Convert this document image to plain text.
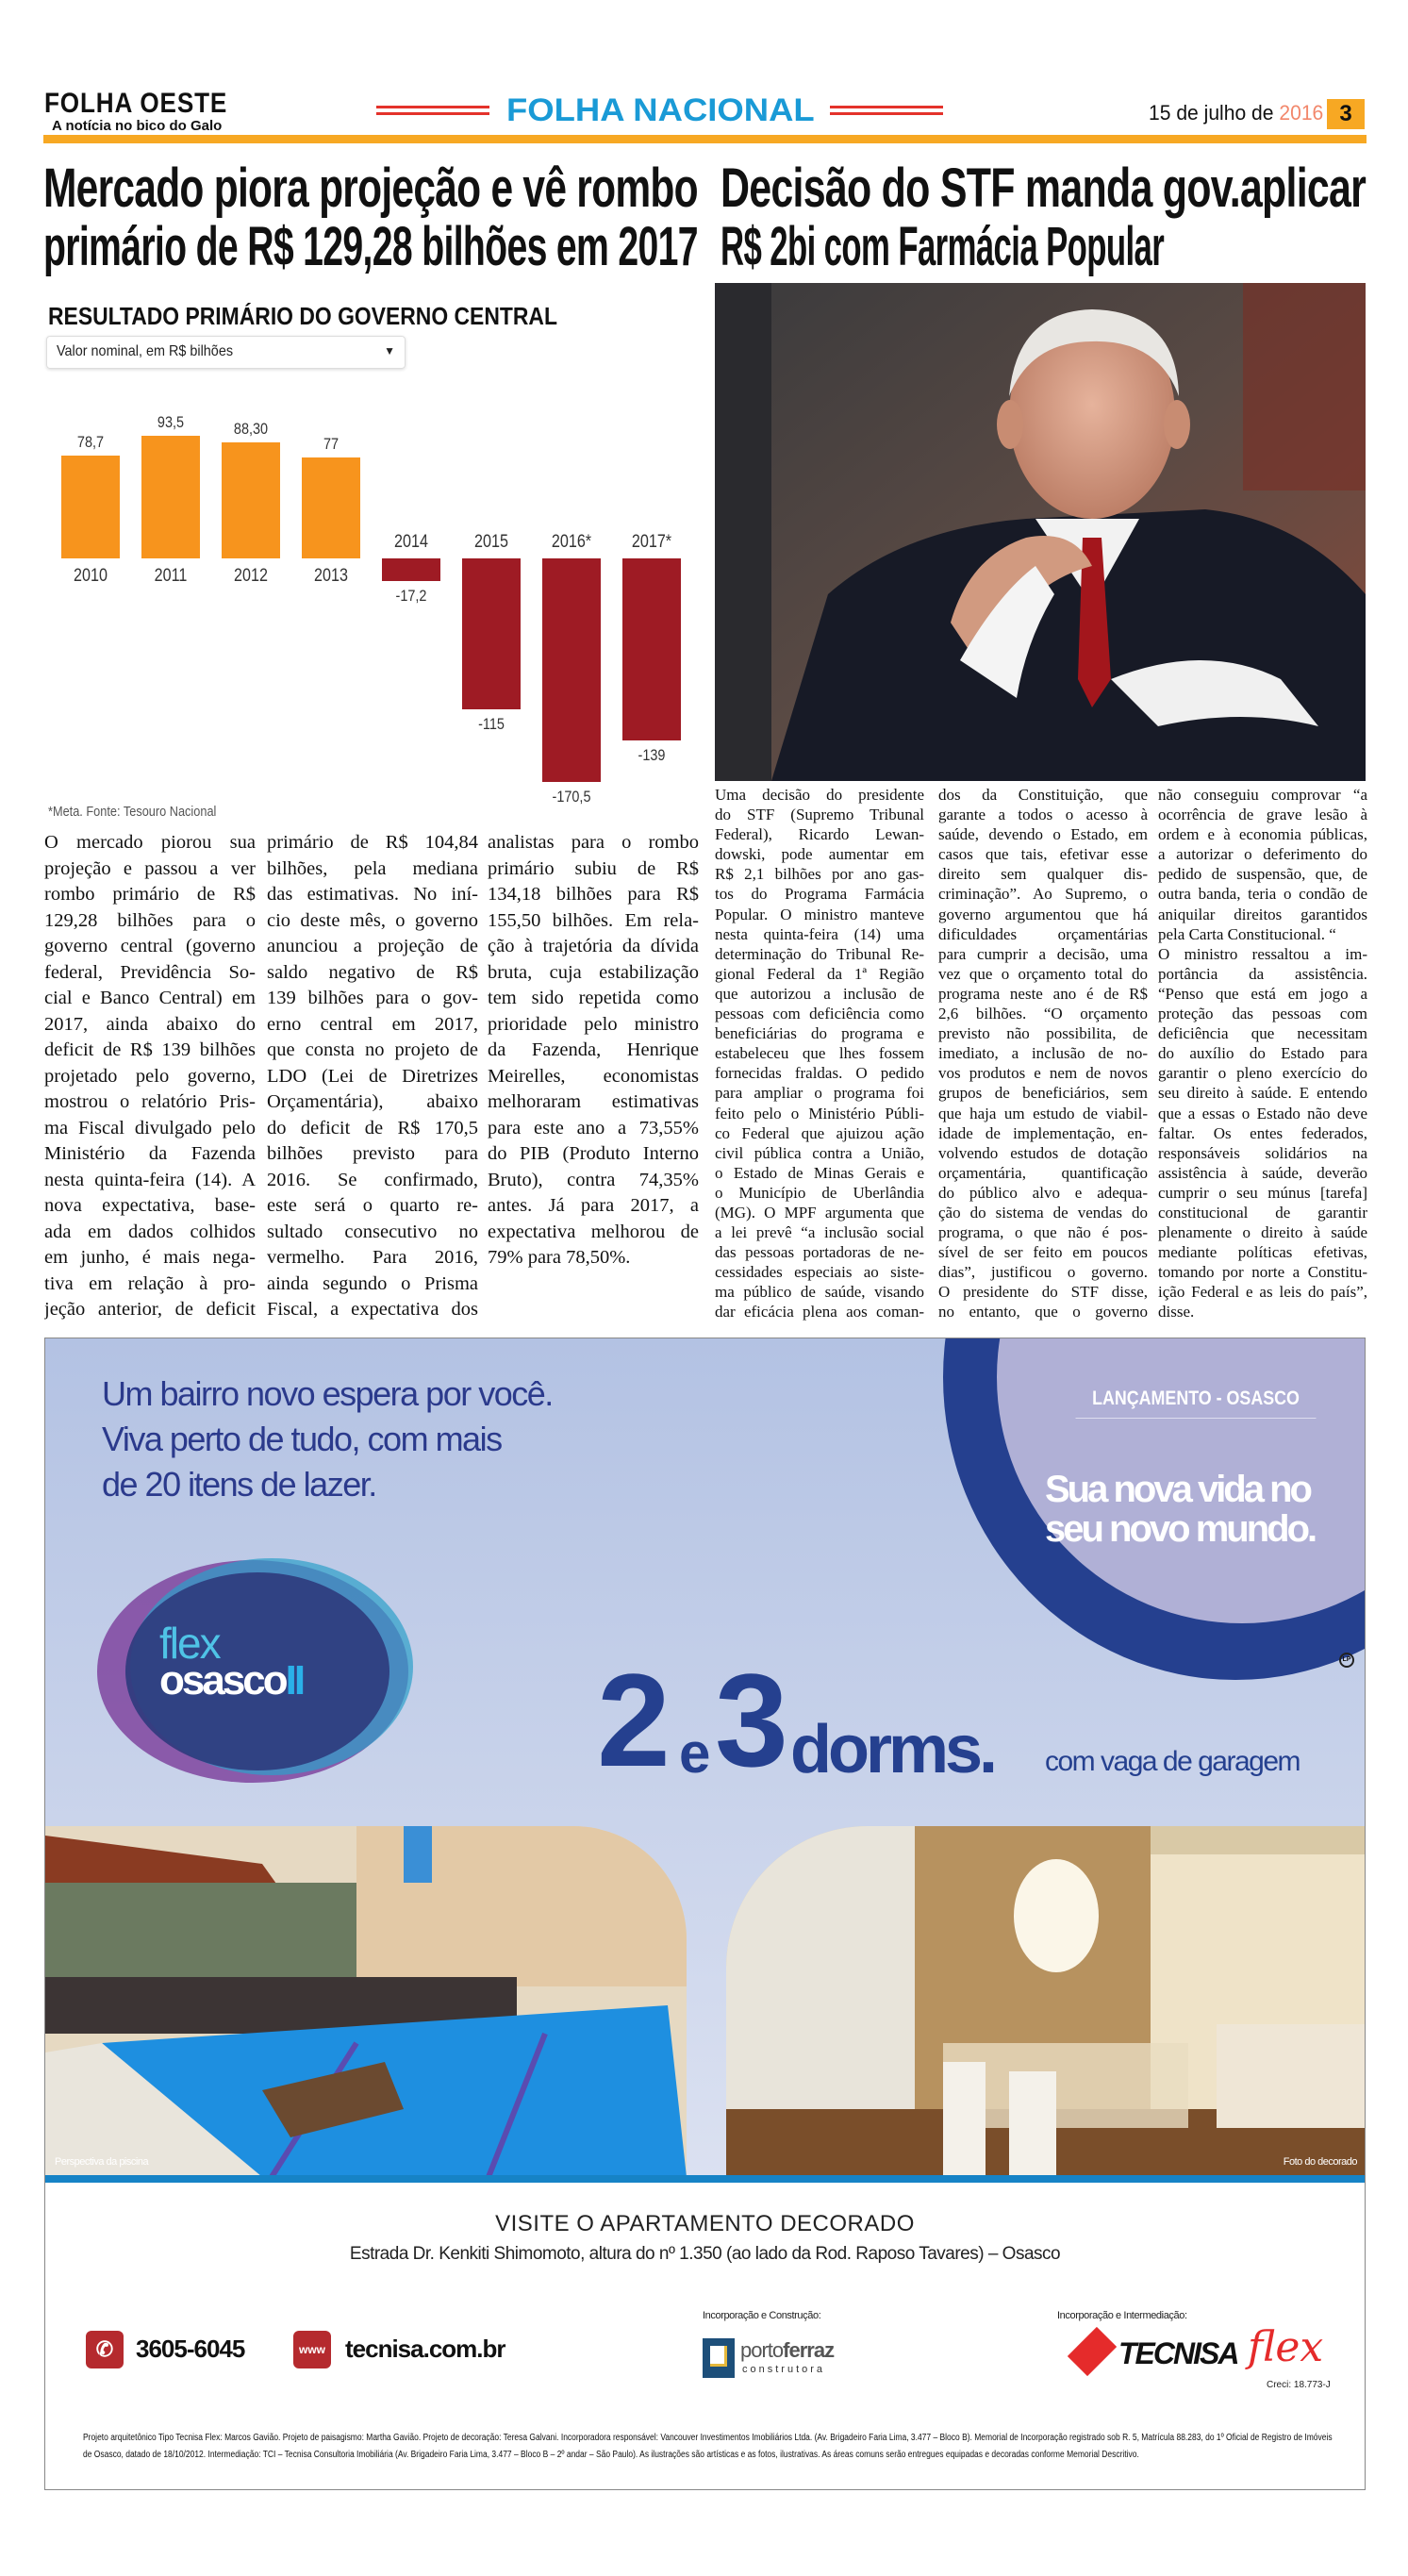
FOLHA OESTE
A notícia no bico do Galo	FOLHA NACIONAL	15 de julho de 2016 3
Mercado piora projeção e vê rombo
primário de R$ 129,28 bilhões em 2017
Decisão do STF manda gov.aplicar
R$ 2bi com Farmácia Popular
RESULTADO PRIMÁRIO DO GOVERNO CENTRAL
Valor nominal, em R$ bilhões	▼
78,7
2010
93,5
2011
88,30
2012
77
2013
-17,2
2014
-115
2015
-170,5
2016*
-139
2017*
*Meta. Fonte: Tesouro Nacional
O mercado piorou sua
projeção e passou a ver
rombo primário de R$
129,28 bilhões para o
governo central (governo
federal, Previdência So-
cial e Banco Central) em
2017, ainda abaixo do
deficit de R$ 139 bilhões
projetado pelo governo,
mostrou o relatório Pris-
ma Fiscal divulgado pelo
Ministério da Fazenda
nesta quinta-feira (14). A
nova expectativa, base-
ada em dados colhidos
em junho, é mais nega-
tiva em relação à pro-
jeção anterior, de deficit
primário de R$ 104,84
bilhões, pela mediana
das estimativas. No iní-
cio deste mês, o governo
anunciou a projeção de
saldo negativo de R$
139 bilhões para o gov-
erno central em 2017,
que consta no projeto de
LDO (Lei de Diretrizes
Orçamentária), abaixo
do deficit de R$ 170,5
bilhões previsto para
2016. Se confirmado,
este será o quarto re-
sultado consecutivo no
vermelho. Para 2016,
ainda segundo o Prisma
Fiscal, a expectativa dos
analistas para o rombo
primário subiu de R$
134,18 bilhões para R$
155,50 bilhões. Em rela-
ção à trajetória da dívida
bruta, cuja estabilização
tem sido repetida como
prioridade pelo ministro
da Fazenda, Henrique
Meirelles, economistas
melhoraram estimativas
para este ano a 73,55%
do PIB (Produto Interno
Bruto), contra 74,35%
antes. Já para 2017, a
expectativa melhorou de
79% para 78,50%.
Uma decisão do presidente
do STF (Supremo Tribunal
Federal), Ricardo Lewan-
dowski, pode aumentar em
R$ 2,1 bilhões por ano gas-
tos do Programa Farmácia
Popular. O ministro manteve
nesta quinta-feira (14) uma
determinação do Tribunal Re-
gional Federal da 1ª Região
que autorizou a inclusão de
pessoas com deficiência como
beneficiárias do programa e
estabeleceu que lhes fossem
fornecidas fraldas. O pedido
para ampliar o programa foi
feito pelo o Ministério Públi-
co Federal que ajuizou ação
civil pública contra a União,
o Estado de Minas Gerais e
o Município de Uberlândia
(MG). O MPF argumenta que
a lei prevê “a inclusão social
das pessoas portadoras de ne-
cessidades especiais ao siste-
ma público de saúde, visando
dar eficácia plena aos coman-
dos da Constituição, que
garante a todos o acesso à
saúde, devendo o Estado, em
casos que tais, efetivar esse
direito sem qualquer dis-
criminação”. Ao Supremo, o
governo argumentou que há
dificuldades orçamentárias
para cumprir a decisão, uma
vez que o orçamento total do
programa neste ano é de R$
2,6 bilhões. “O orçamento
previsto não possibilita, de
imediato, a inclusão de no-
vos produtos e nem de novos
grupos de beneficiários, sem
que haja um estudo de viabil-
idade de implementação, en-
volvendo estudos de dotação
orçamentária, quantificação
do público alvo e adequa-
ção do sistema de vendas do
programa, o que não é pos-
sível de ser feito em poucos
dias”, justificou o governo.
O presidente do STF disse,
no entanto, que o governo
não conseguiu comprovar “a
ocorrência de grave lesão à
ordem e à economia públicas,
a autorizar o deferimento do
pedido de suspensão, que, de
outra banda, teria o condão de
aniquilar direitos garantidos
pela Carta Constitucional. “
O ministro ressaltou a im-
portância da assistência.
“Penso que está em jogo a
proteção das pessoas com
deficiência que necessitam
do auxílio do Estado para
garantir o pleno exercício do
seu direito à saúde. E entendo
que a essas o Estado não deve
faltar. Os entes federados,
responsáveis solidários na
assistência à saúde, deverão
cumprir o seu múnus [tarefa]
constitucional de garantir
plenamente o direito à saúde
mediante políticas efetivas,
tomando por norte a Constitu-
ição Federal e as leis do país”,
disse.
Um bairro novo espera por você.
Viva perto de tudo, com mais
de 20 itens de lazer.
LANÇAMENTO - OSASCO
Sua nova vida no
seu novo mundo.
flex
osascoII	LP
2 e 3 dorms. com vaga de garagem
Perspectiva da piscina	Foto do decorado
VISITE O APARTAMENTO DECORADO
Estrada Dr. Kenkiti Shimomoto, altura do nº 1.350 (ao lado da Rod. Raposo Tavares) – Osasco
✆ 3605-6045	www tecnisa.com.br
Incorporação e Construção:
portoferraz
construtora
Incorporação e Intermediação:
TECNISA flex
Creci: 18.773-J
Projeto arquitetônico Tipo Tecnisa Flex: Marcos Gavião. Projeto de paisagismo: Martha Gavião. Projeto de decoração: Teresa Galvani. Incorporadora responsável: Vancouver Investimentos Imobiliários Ltda. (Av. Brigadeiro Faria Lima, 3.477 – Bloco B). Memorial de Incorporação registrado sob R. 5, Matrícula 88.283, do 1º Oficial de Registro de Imóveis
de Osasco, datado de 18/10/2012. Intermediação: TCI – Tecnisa Consultoria Imobiliária (Av. Brigadeiro Faria Lima, 3.477 – Bloco B – 2º andar – São Paulo). As ilustrações são artísticas e as fotos, ilustrativas. As áreas comuns serão entregues equipadas e decoradas conforme Memorial Descritivo.
